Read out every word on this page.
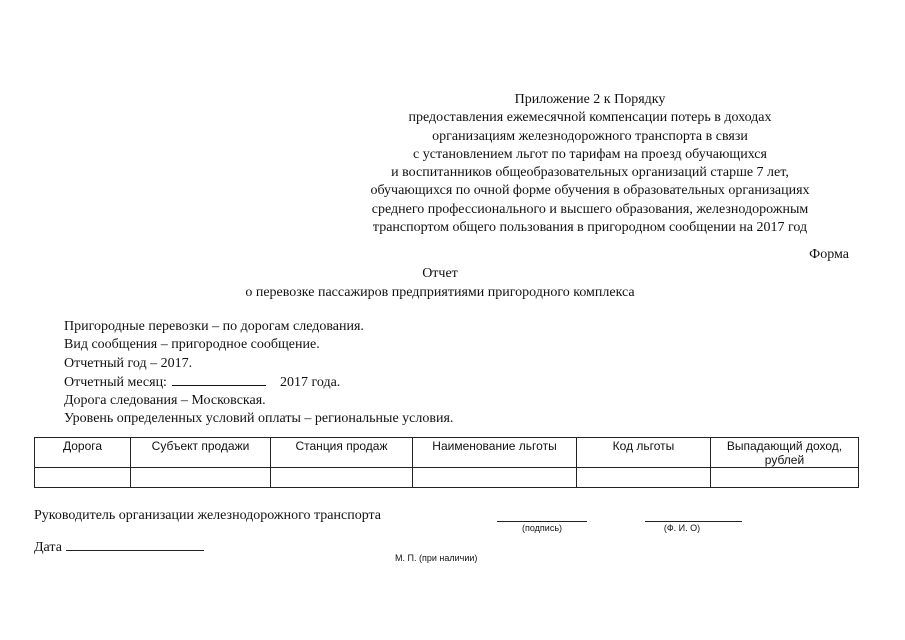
Приложение 2 к Порядку
предоставления ежемесячной компенсации потерь в доходах
организациям железнодорожного транспорта в связи
с установлением льгот по тарифам на проезд обучающихся
и воспитанников общеобразовательных организаций старше 7 лет,
обучающихся по очной форме обучения в образовательных организациях
среднего профессионального и высшего образования, железнодорожным
транспортом общего пользования в пригородном сообщении на 2017 год
Форма
Отчет
о перевозке пассажиров предприятиями пригородного комплекса
Пригородные перевозки – по дорогам следования.
Вид сообщения – пригородное сообщение.
Отчетный год – 2017.
Отчетный месяц:	2017 года.
Дорога следования – Московская.
Уровень определенных условий оплаты – региональные условия.
Дорога	Субъект продажи	Станция продаж	Наименование льготы	Код льготы	Выпадающий доход, рублей

Руководитель организации железнодорожного транспорта
(подпись)	(Ф. И. О)
Дата
М. П. (при наличии)
